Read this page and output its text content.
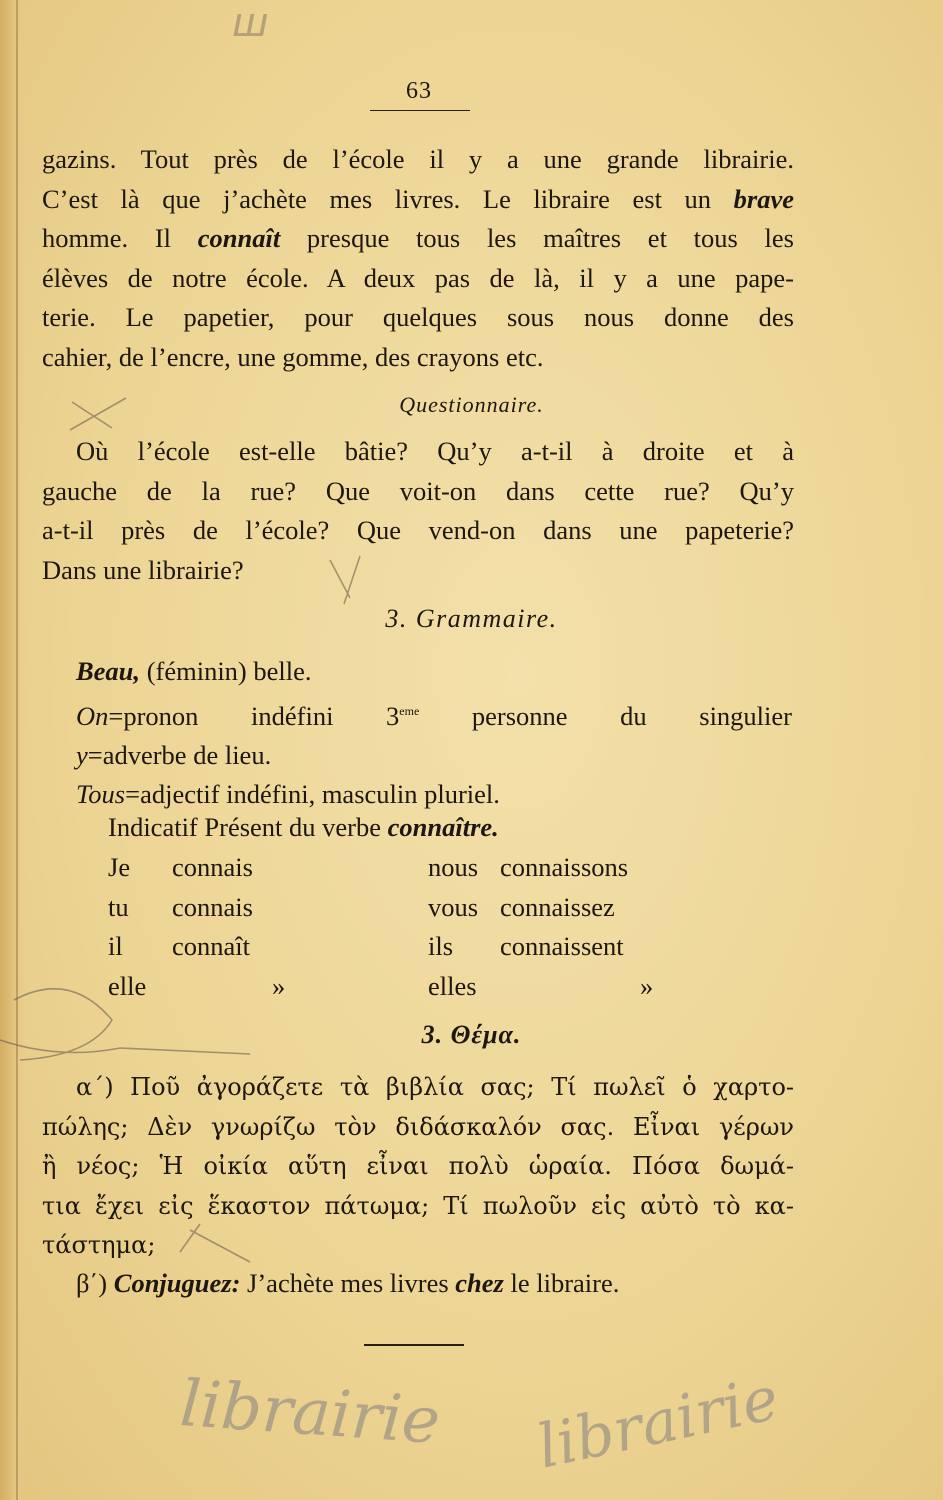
ш
63
gazins. Tout près de l’école il y a une grande librairie.
C’est là que j’achète mes livres. Le libraire est un brave
homme. Il connaît presque tous les maîtres et tous les
élèves de notre école. A deux pas de là, il y a une pape-
terie. Le papetier, pour quelques sous nous donne des
cahier, de l’encre, une gomme, des crayons etc.
Questionnaire.
Où l’école est-elle bâtie? Qu’y a-t-il à droite et à
gauche de la rue? Que voit-on dans cette rue? Qu’y
a-t-il près de l’école? Que vend-on dans une papeterie?
Dans une librairie?
3. Grammaire.
Beau, (féminin) belle.
On=pronon indéfini 3eme personne du singulier
y=adverbe de lieu.
Tous=adjectif indéfini, masculin pluriel.
Indicatif Présent du verbe connaître.
Je	connais	nous connaissons
tu	connais	vous connaissez
il	connaît	ils	connaissent
elle	»	elles	»
3. Θέμα.
α΄) Ποῦ ἀγοράζετε τὰ βιβλία σας; Τί πωλεῖ ὁ χαρτο-
πώλης; Δὲν γνωρίζω τὸν διδάσκαλόν σας. Εἶναι γέρων
ἢ νέος; Ἡ οἰκία αὕτη εἶναι πολὺ ὡραία. Πόσα δωμά-
τια ἔχει εἰς ἕκαστον πάτωμα; Τί πωλοῦν εἰς αὐτὸ τὸ κα-
τάστημα;
β΄) Conjuguez: J’achète mes livres chez le libraire.
librairie librairie
